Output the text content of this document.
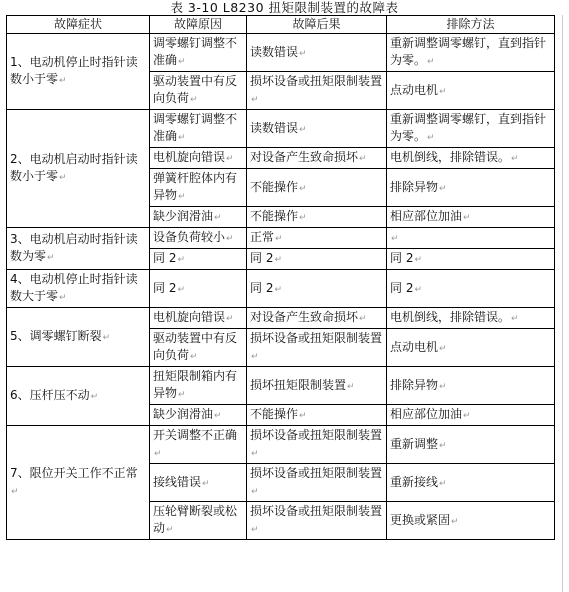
表 3-10 L8230 扭矩限制装置的故障表
故障症状	故障原因	故障后果	排除方法
1、电动机停止时指针读数小于零↵	调零螺钉调整不准确↵	读数错误↵	重新调整调零螺钉，直到指针为零。↵
	驱动装置中有反向负荷↵	损坏设备或扭矩限制装置↵	点动电机↵
2、电动机启动时指针读数小于零↵	调零螺钉调整不准确↵	读数错误↵	重新调整调零螺钉，直到指针为零。↵
	电机旋向错误↵	对设备产生致命损坏↵	电机倒线，排除错误。↵
	弹簧杆腔体内有异物↵	不能操作↵	排除异物↵
	缺少润滑油↵	不能操作↵	相应部位加油↵
3、电动机启动时指针读数为零↵	设备负荷较小↵	正常↵	↵
	同 2↵	同 2↵	同 2↵
4、电动机停止时指针读数大于零↵	同 2↵	同 2↵	同 2↵
5、调零螺钉断裂↵	电机旋向错误↵	对设备产生致命损坏↵	电机倒线，排除错误。↵
	驱动装置中有反向负荷↵	损坏设备或扭矩限制装置↵	点动电机↵
6、压杆压不动↵	扭矩限制箱内有异物↵	损坏扭矩限制装置↵	排除异物↵
	缺少润滑油↵	不能操作↵	相应部位加油↵
7、限位开关工作不正常↵	开关调整不正确↵	损坏设备或扭矩限制装置↵	重新调整↵
	接线错误↵	损坏设备或扭矩限制装置↵	重新接线↵
	压轮臂断裂或松动↵	损坏设备或扭矩限制装置↵	更换或紧固↵
